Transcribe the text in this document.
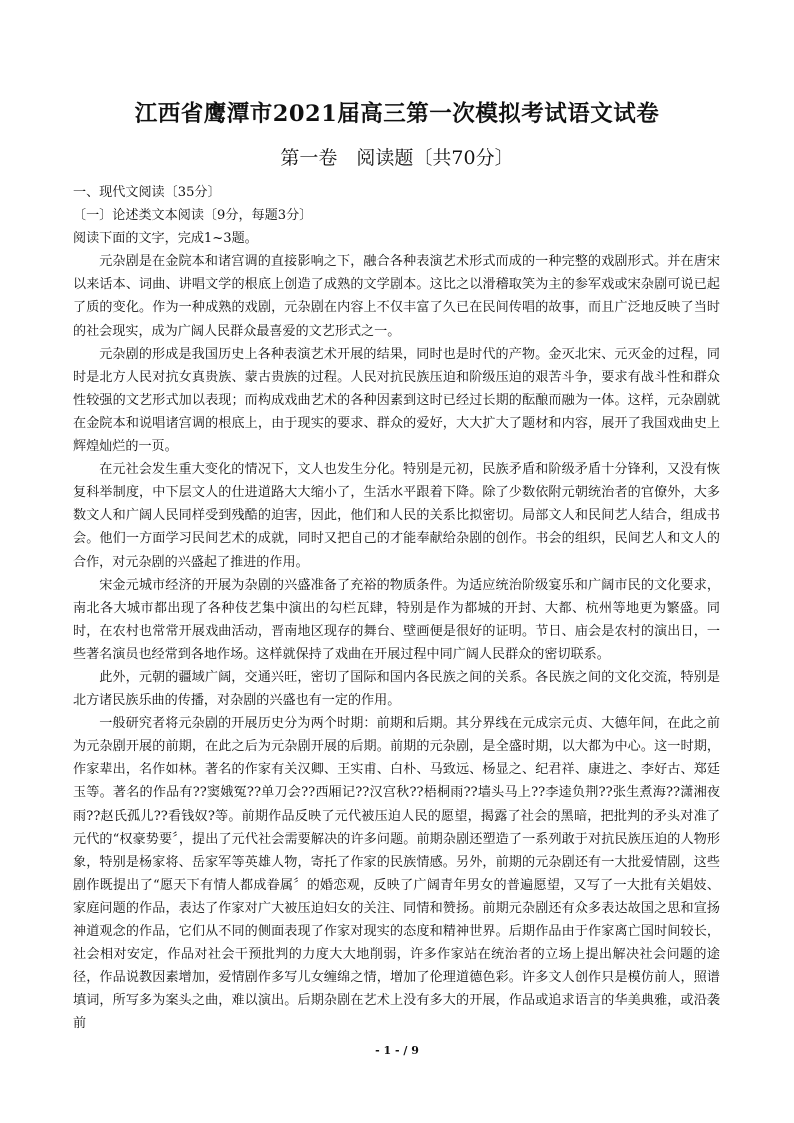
江西省鹰潭市2021届高三第一次模拟考试语文试卷
第一卷　阅读题〔共70分〕

一、现代文阅读〔35分〕

〔一〕论述类文本阅读〔9分，每题3分〕

阅读下面的文字，完成1~3题。

元杂剧是在金院本和诸宫调的直接影响之下，融合各种表演艺术形式而成的一种完整的戏剧形式。并在唐宋以来话本、词曲、讲唱文学的根底上创造了成熟的文学剧本。这比之以滑稽取笑为主的参军戏或宋杂剧可说已起了质的变化。作为一种成熟的戏剧，元杂剧在内容上不仅丰富了久已在民间传唱的故事，而且广泛地反映了当时的社会现实，成为广阔人民群众最喜爱的文艺形式之一。

元杂剧的形成是我国历史上各种表演艺术开展的结果，同时也是时代的产物。金灭北宋、元灭金的过程，同时是北方人民对抗女真贵族、蒙古贵族的过程。人民对抗民族压迫和阶级压迫的艰苦斗争，要求有战斗性和群众性较强的文艺形式加以表现；而构成戏曲艺术的各种因素到这时已经过长期的酝酿而融为一体。这样，元杂剧就在金院本和说唱诸宫调的根底上，由于现实的要求、群众的爱好，大大扩大了题材和内容，展开了我国戏曲史上辉煌灿烂的一页。

在元社会发生重大变化的情况下，文人也发生分化。特别是元初，民族矛盾和阶级矛盾十分锋利，又没有恢复科举制度，中下层文人的仕进道路大大缩小了，生活水平跟着下降。除了少数依附元朝统治者的官僚外，大多数文人和广阔人民同样受到残酷的迫害，因此，他们和人民的关系比拟密切。局部文人和民间艺人结合，组成书会。他们一方面学习民间艺术的成就，同时又把自己的才能奉献给杂剧的创作。书会的组织，民间艺人和文人的合作，对元杂剧的兴盛起了推进的作用。

宋金元城市经济的开展为杂剧的兴盛准备了充裕的物质条件。为适应统治阶级宴乐和广阔市民的文化要求，南北各大城市都出现了各种伎艺集中演出的勾栏瓦肆，特别是作为都城的开封、大都、杭州等地更为繁盛。同时，在农村也常常开展戏曲活动，晋南地区现存的舞台、壁画便是很好的证明。节日、庙会是农村的演出日，一些著名演员也经常到各地作场。这样就保持了戏曲在开展过程中同广阔人民群众的密切联系。

此外，元朝的疆域广阔，交通兴旺，密切了国际和国内各民族之间的关系。各民族之间的文化交流，特别是北方诸民族乐曲的传播，对杂剧的兴盛也有一定的作用。

一般研究者将元杂剧的开展历史分为两个时期：前期和后期。其分界线在元成宗元贞、大德年间，在此之前为元杂剧开展的前期，在此之后为元杂剧开展的后期。前期的元杂剧，是全盛时期，以大都为中心。这一时期，作家辈出，名作如林。著名的作家有关汉卿、王实甫、白朴、马致远、杨显之、纪君祥、康进之、李好古、郑廷玉等。著名的作品有??窦娥冤??单刀会??西厢记??汉宫秋??梧桐雨??墙头马上??李逵负荆??张生煮海??潇湘夜雨??赵氏孤儿??看钱奴?等。前期作品反映了元代被压迫人民的愿望，揭露了社会的黑暗，把批判的矛头对准了元代的“权豪势要〞，提出了元代社会需要解决的许多问题。前期杂剧还塑造了一系列敢于对抗民族压迫的人物形象，特别是杨家将、岳家军等英雄人物，寄托了作家的民族情感。另外，前期的元杂剧还有一大批爱情剧，这些剧作既提出了“愿天下有情人都成眷属〞的婚恋观，反映了广阔青年男女的普遍愿望，又写了一大批有关娼妓、家庭问题的作品，表达了作家对广大被压迫妇女的关注、同情和赞扬。前期元杂剧还有众多表达故国之思和宣扬神道观念的作品，它们从不同的侧面表现了作家对现实的态度和精神世界。后期作品由于作家离亡国时间较长，社会相对安定，作品对社会干预批判的力度大大地削弱，许多作家站在统治者的立场上提出解决社会问题的途径，作品说教因素增加，爱情剧作多写儿女缠绵之情，增加了伦理道德色彩。许多文人创作只是模仿前人，照谱填词，所写多为案头之曲，难以演出。后期杂剧在艺术上没有多大的开展，作品或追求语言的华美典雅，或沿袭前

- 1 - / 9
